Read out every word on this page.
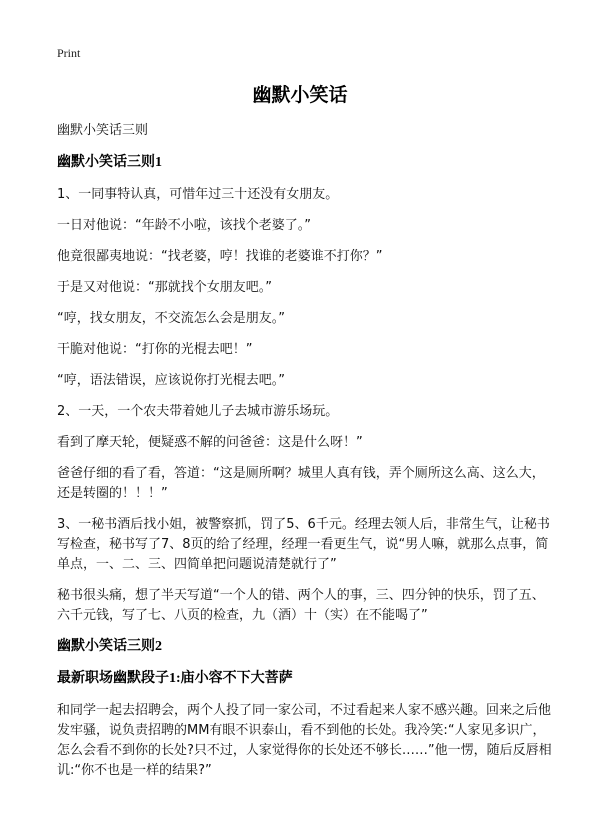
Print
幽默小笑话
幽默小笑话三则
幽默小笑话三则1
1、一同事特认真，可惜年过三十还没有女朋友。
一日对他说：“年龄不小啦，该找个老婆了。”
他竟很鄙夷地说：“找老婆，哼！找谁的老婆谁不打你？”
于是又对他说：“那就找个女朋友吧。”
“哼，找女朋友，不交流怎么会是朋友。”
干脆对他说：“打你的光棍去吧！”
“哼，语法错误，应该说你打光棍去吧。”
2、一天，一个农夫带着她儿子去城市游乐场玩。
看到了摩天轮，便疑惑不解的问爸爸：这是什么呀！”
爸爸仔细的看了看，答道：“这是厕所啊？城里人真有钱，弄个厕所这么高、这么大，还是转圈的！！！”
3、一秘书酒后找小姐，被警察抓，罚了5、6千元。经理去领人后，非常生气，让秘书写检查，秘书写了7、8页的给了经理，经理一看更生气，说“男人嘛，就那么点事，简单点，一、二、三、四简单把问题说清楚就行了”
秘书很头痛，想了半天写道“一个人的错、两个人的事，三、四分钟的快乐，罚了五、六千元钱，写了七、八页的检查，九（酒）十（实）在不能喝了”
幽默小笑话三则2
最新职场幽默段子1:庙小容不下大菩萨
和同学一起去招聘会，两个人投了同一家公司，不过看起来人家不感兴趣。回来之后他发牢骚，说负责招聘的MM有眼不识泰山，看不到他的长处。我冷笑:“人家见多识广，怎么会看不到你的长处?只不过，人家觉得你的长处还不够长……”他一愣，随后反唇相讥:“你不也是一样的结果?”
